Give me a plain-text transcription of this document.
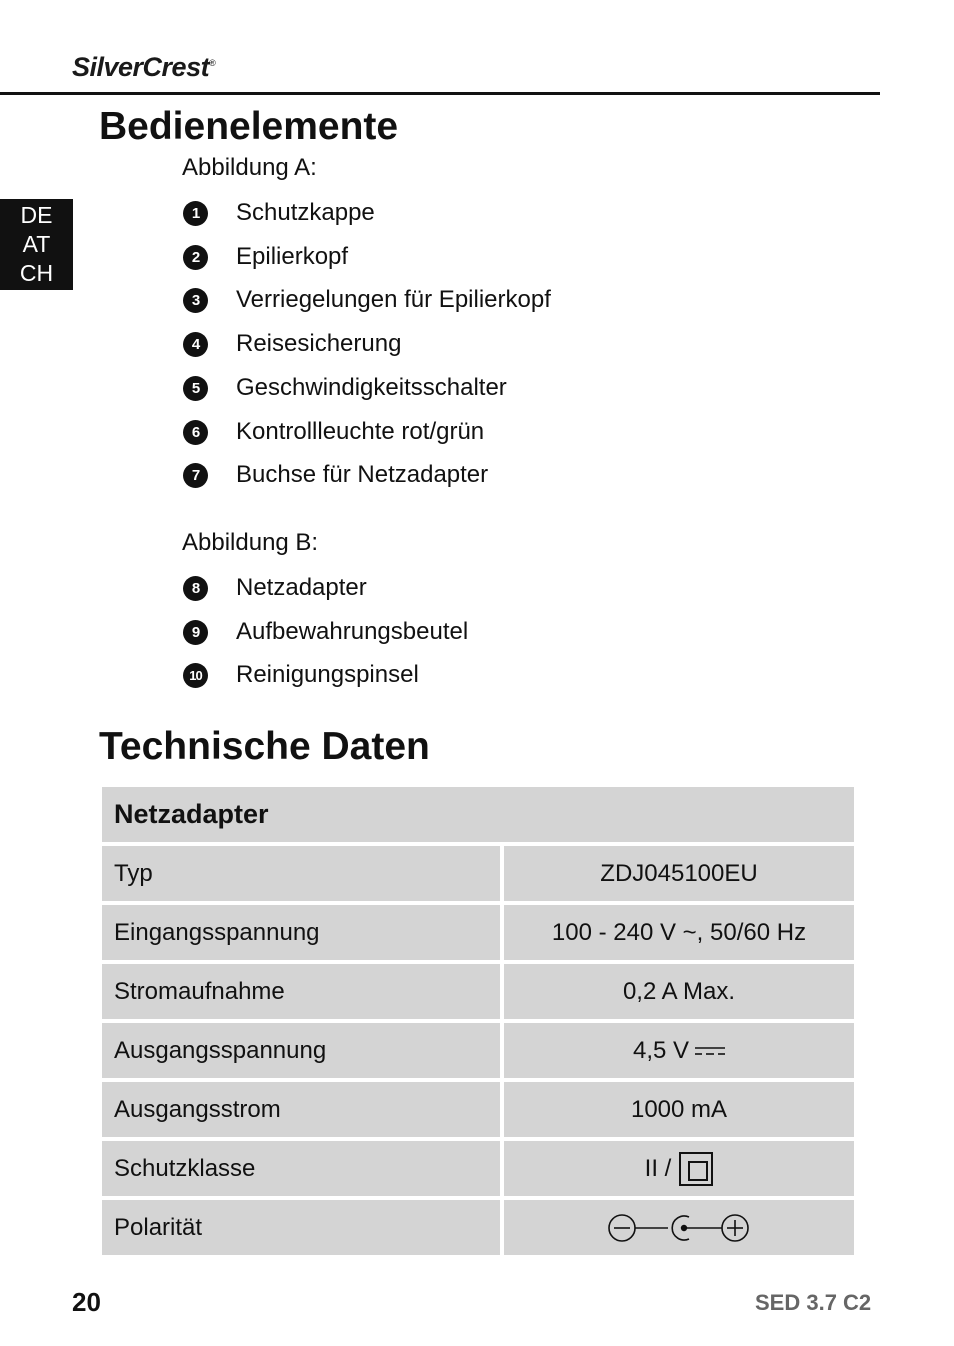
SilverCrest®
DE
AT
CH
Bedienelemente
Abbildung A:
1	Schutzkappe
2	Epilierkopf
3	Verriegelungen für Epilierkopf
4	Reisesicherung
5	Geschwindigkeitsschalter
6	Kontrollleuchte rot/grün
7	Buchse für Netzadapter
Abbildung B:
8	Netzadapter
9	Aufbewahrungsbeutel
10 Reinigungspinsel
Technische Daten
Netzadapter
Typ	ZDJ045100EU
Eingangsspannung	100 - 240 V ~, 50/60 Hz
Stromaufnahme	0,2 A Max.
Ausgangsspannung	4,5 V
Ausgangsstrom	1000 mA
Schutzklasse	II /
Polarität
20	SED 3.7 C2
